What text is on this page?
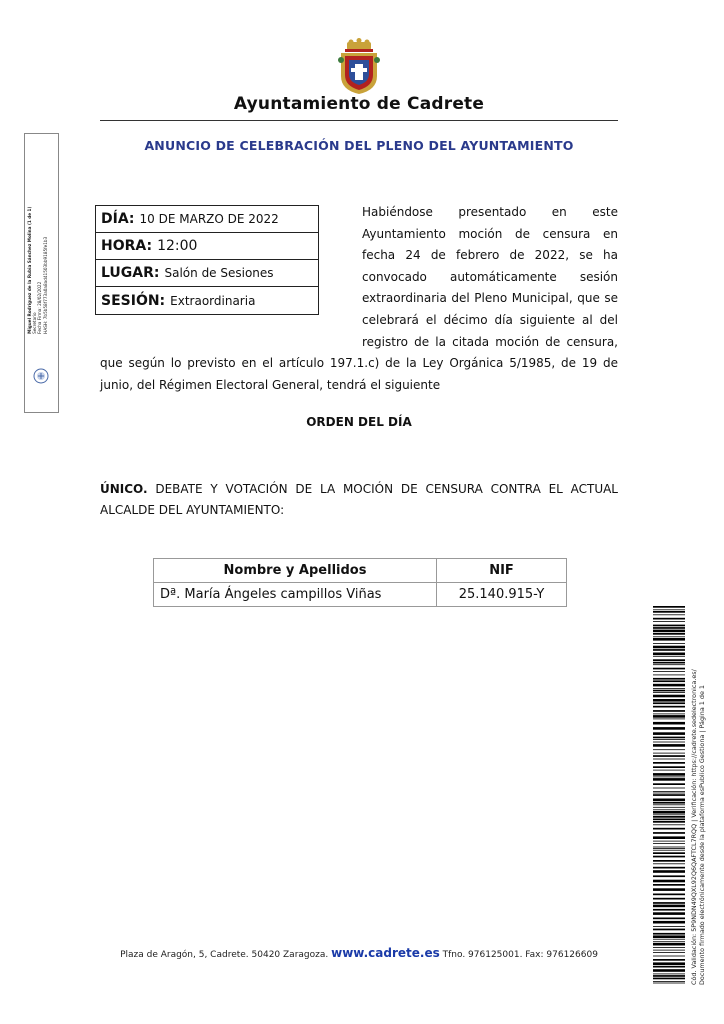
Ayuntamiento de Cadrete
ANUNCIO DE CELEBRACIÓN DEL PLENO DEL AYUNTAMIENTO
Miguel Rodríguez de la Rubia Sánchez Molina (1 de 1) Secretario Fecha Firma: 28/02/2022 HASH: 7b5b58f773a0a8ad41503bb9185fe1b3
DÍA: 10 DE MARZO DE 2022
HORA: 12:00
LUGAR: Salón de Sesiones
SESIÓN: Extraordinaria

Habiéndose presentado en este Ayuntamiento moción de censura en fecha 24 de febrero de 2022, se ha convocado automáticamente sesión extraordinaria del Pleno Municipal, que se celebrará el décimo día siguiente al del registro de la citada moción de censura, que según lo previsto en el artículo 197.1.c) de la Ley Orgánica 5/1985, de 19 de junio, del Régimen Electoral General, tendrá el siguiente

ORDEN DEL DÍA
ÚNICO. DEBATE Y VOTACIÓN DE LA MOCIÓN DE CENSURA CONTRA EL ACTUAL ALCALDE DEL AYUNTAMIENTO:
Nombre y Apellidos	NIF
Dª. María Ángeles campillos Viñas	25.140.915-Y
Plaza de Aragón, 5, Cadrete. 50420 Zaragoza. www.cadrete.es Tfno. 976125001. Fax: 976126609	Cód. Validación: 5P9NDN49QXL92Q6QAFTCL7RQQ | Verificación: https://cadrete.sedelectronica.es/ Documento firmado electrónicamente desde la plataforma esPublico Gestiona | Página 1 de 1
